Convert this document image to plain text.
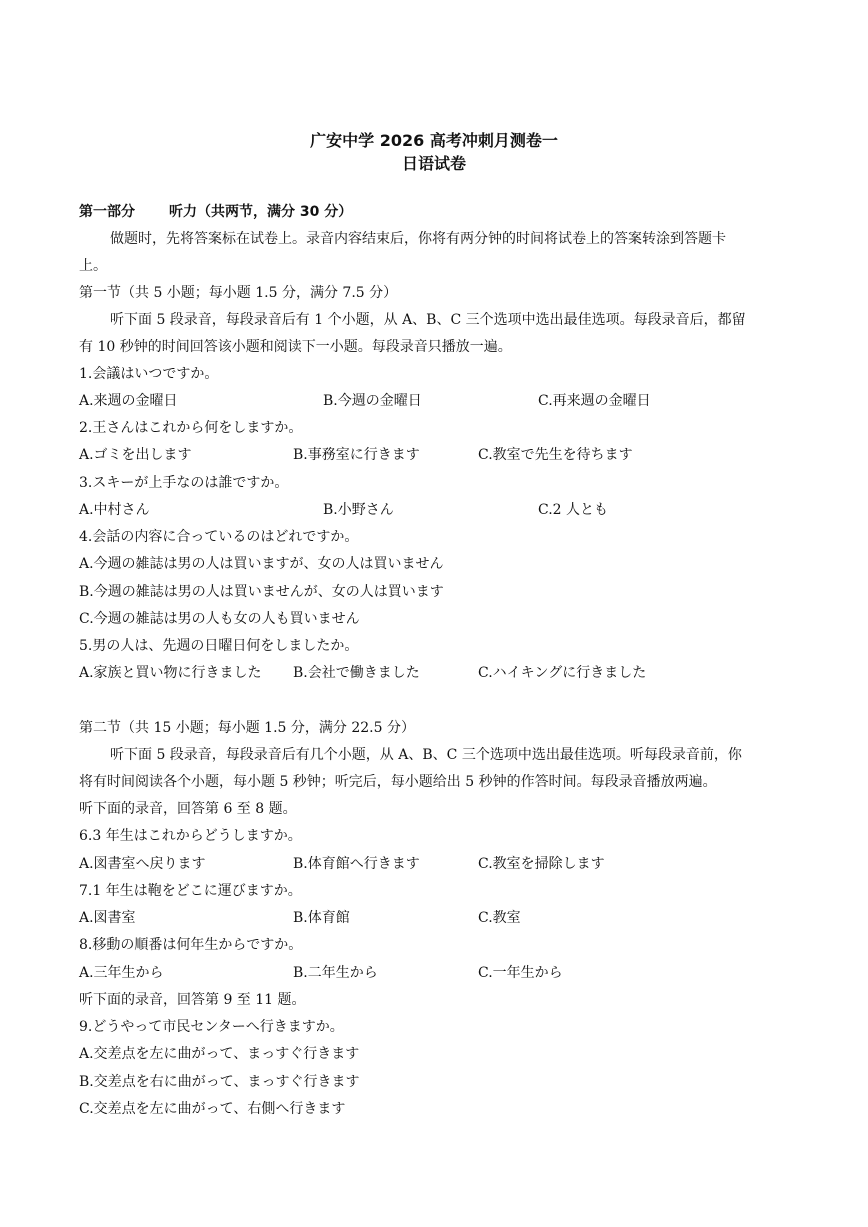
广安中学 2026 高考冲刺月测卷一
日语试卷
第一部分 听力（共两节，满分 30 分）
做题时，先将答案标在试卷上。录音内容结束后，你将有两分钟的时间将试卷上的答案转涂到答题卡
上。
第一节（共 5 小题；每小题 1.5 分，满分 7.5 分）
听下面 5 段录音，每段录音后有 1 个小题，从 A、B、C 三个选项中选出最佳选项。每段录音后，都留
有 10 秒钟的时间回答该小题和阅读下一小题。每段录音只播放一遍。
1.会議はいつですか。
A.来週の金曜日	B.今週の金曜日	C.再来週の金曜日
2.王さんはこれから何をしますか。
A.ゴミを出します	B.事務室に行きます	C.教室で先生を待ちます
3.スキーが上手なのは誰ですか。
A.中村さん	B.小野さん	C.2 人とも
4.会話の内容に合っているのはどれですか。
A.今週の雑誌は男の人は買いますが、女の人は買いません
B.今週の雑誌は男の人は買いませんが、女の人は買います
C.今週の雑誌は男の人も女の人も買いません
5.男の人は、先週の日曜日何をしましたか。
A.家族と買い物に行きました B.会社で働きました	C.ハイキングに行きました
第二节（共 15 小题；每小题 1.5 分，满分 22.5 分）
听下面 5 段录音，每段录音后有几个小题，从 A、B、C 三个选项中选出最佳选项。听每段录音前，你
将有时间阅读各个小题，每小题 5 秒钟；听完后，每小题给出 5 秒钟的作答时间。每段录音播放两遍。
听下面的录音，回答第 6 至 8 题。
6.3 年生はこれからどうしますか。
A.図書室へ戻ります	B.体育館へ行きます	C.教室を掃除します
7.1 年生は鞄をどこに運びますか。
A.図書室	B.体育館	C.教室
8.移動の順番は何年生からですか。
A.三年生から	B.二年生から	C.一年生から
听下面的录音，回答第 9 至 11 题。
9.どうやって市民センターへ行きますか。
A.交差点を左に曲がって、まっすぐ行きます
B.交差点を右に曲がって、まっすぐ行きます
C.交差点を左に曲がって、右側へ行きます
